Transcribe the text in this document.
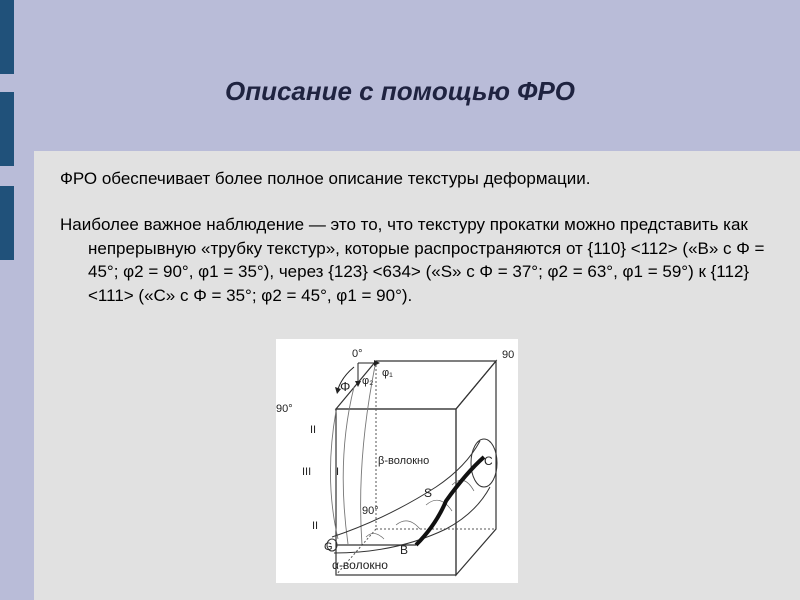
Описание с помощью ФРО
ФРО обеспечивает более полное описание текстуры деформации.
Наиболее важное наблюдение — это то, что текстуру прокатки можно представить как непрерывную «трубку текстур», которые распространяются от {110} <112> («B» с Φ = 45°; φ2 = 90°, φ1 = 35°), через {123} <634> («S» с Φ = 37°; φ2 = 63°, φ1 = 59°) к {112}<111> («C» с Φ = 35°; φ2 = 45°, φ1 = 90°).
0°	90
φ₁
φ₂
Φ
90°
II
III I
II
β-волокно
90°
C
S
B
G
α-волокно
